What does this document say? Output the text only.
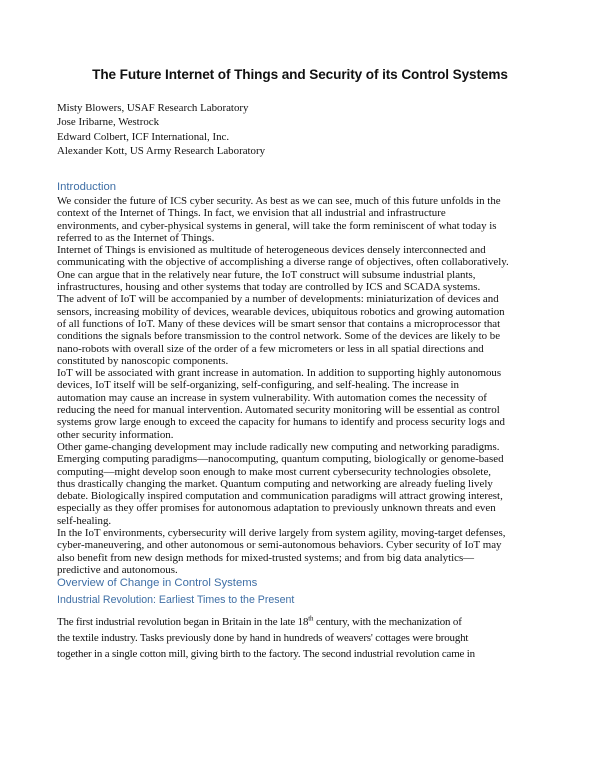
The Future Internet of Things and Security of its Control Systems
Misty Blowers, USAF Research Laboratory
Jose Iribarne, Westrock
Edward Colbert, ICF International, Inc.
Alexander Kott, US Army Research Laboratory
Introduction
We consider the future of ICS cyber security. As best as we can see, much of this future unfolds in the
context of the Internet of Things. In fact, we envision that all industrial and infrastructure
environments, and cyber-physical systems in general, will take the form reminiscent of what today is
referred to as the Internet of Things.
Internet of Things is envisioned as multitude of heterogeneous devices densely interconnected and
communicating with the objective of accomplishing a diverse range of objectives, often collaboratively.
One can argue that in the relatively near future, the IoT construct will subsume industrial plants,
infrastructures, housing and other systems that today are controlled by ICS and SCADA systems.
The advent of IoT will be accompanied by a number of developments: miniaturization of devices and
sensors, increasing mobility of devices, wearable devices, ubiquitous robotics and growing automation
of all functions of IoT. Many of these devices will be smart sensor that contains a microprocessor that
conditions the signals before transmission to the control network. Some of the devices are likely to be
nano-robots with overall size of the order of a few micrometers or less in all spatial directions and
constituted by nanoscopic components.
IoT will be associated with grant increase in automation. In addition to supporting highly autonomous
devices, IoT itself will be self-organizing, self-configuring, and self-healing. The increase in
automation may cause an increase in system vulnerability. With automation comes the necessity of
reducing the need for manual intervention. Automated security monitoring will be essential as control
systems grow large enough to exceed the capacity for humans to identify and process security logs and
other security information.
Other game-changing development may include radically new computing and networking paradigms.
Emerging computing paradigms—nanocomputing, quantum computing, biologically or genome-based
computing—might develop soon enough to make most current cybersecurity technologies obsolete,
thus drastically changing the market. Quantum computing and networking are already fueling lively
debate. Biologically inspired computation and communication paradigms will attract growing interest,
especially as they offer promises for autonomous adaptation to previously unknown threats and even
self-healing.
In the IoT environments, cybersecurity will derive largely from system agility, moving-target defenses,
cyber-maneuvering, and other autonomous or semi-autonomous behaviors. Cyber security of IoT may
also benefit from new design methods for mixed-trusted systems; and from big data analytics—
predictive and autonomous.
Overview of Change in Control Systems
Industrial Revolution: Earliest Times to the Present
The first industrial revolution began in Britain in the late 18th century, with the mechanization of
the textile industry. Tasks previously done by hand in hundreds of weavers' cottages were brought
together in a single cotton mill, giving birth to the factory. The second industrial revolution came in
